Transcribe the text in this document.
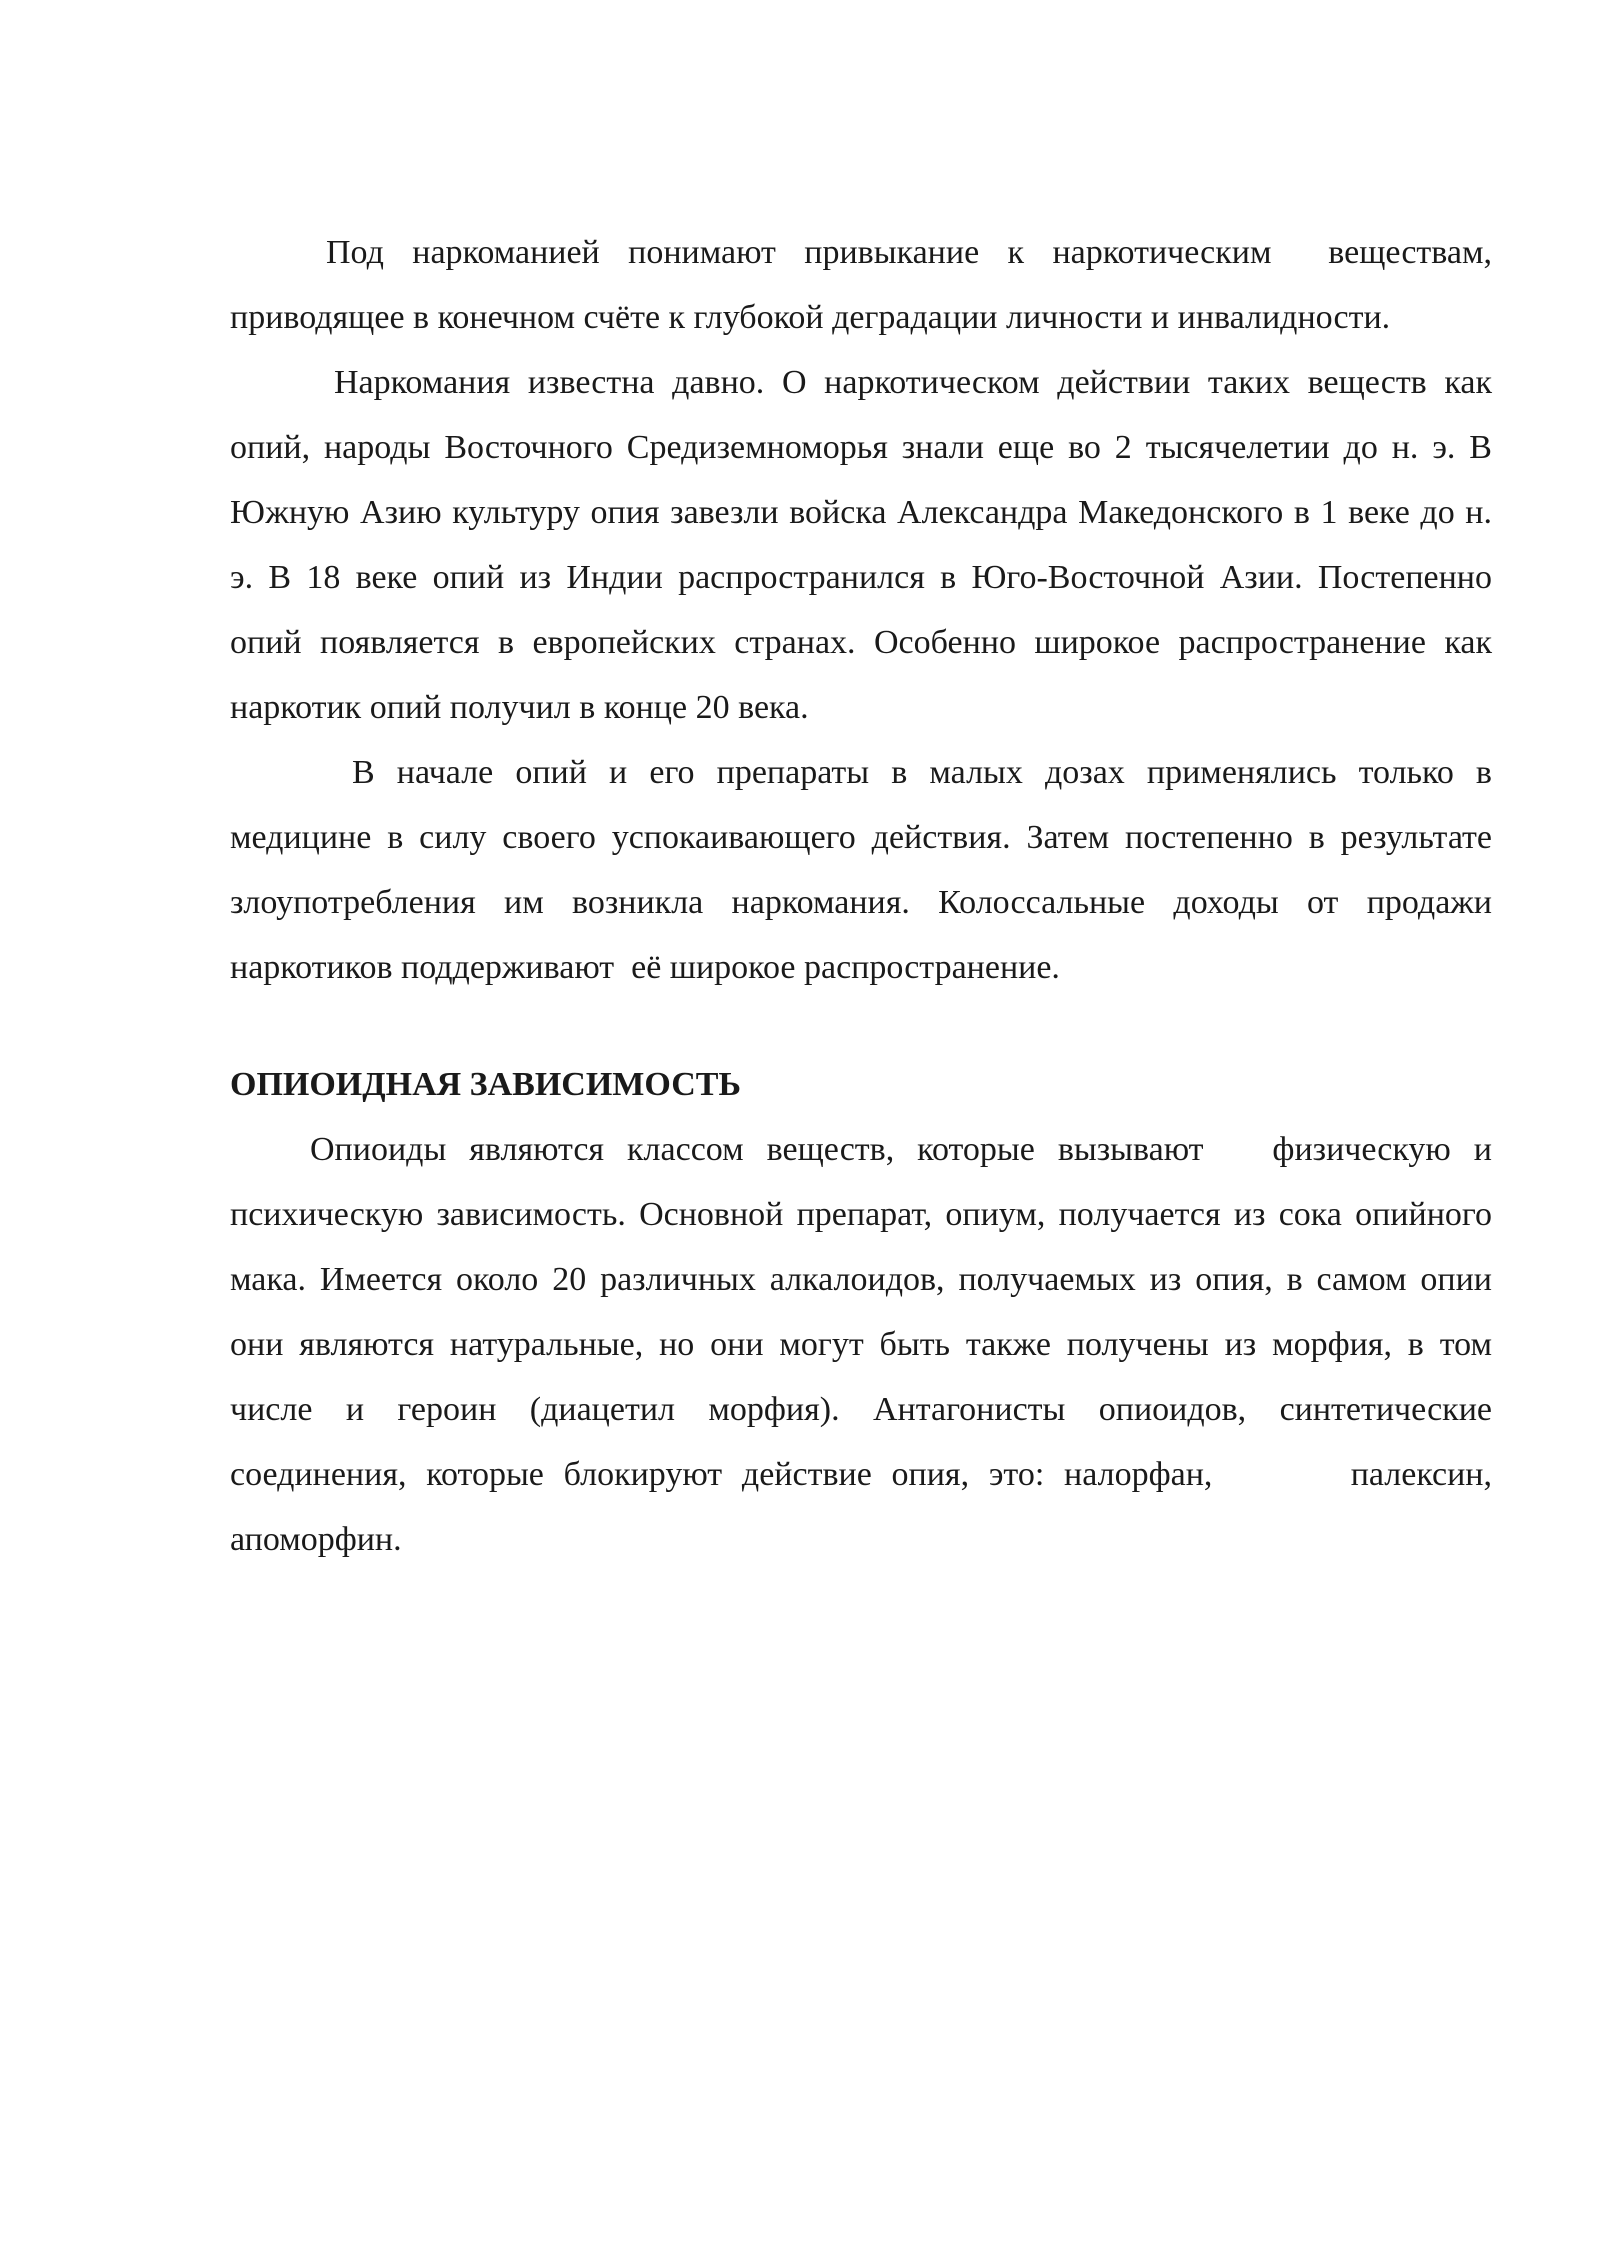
Под наркоманией понимают привыкание к наркотическим  веществам, приводящее в конечном счёте к глубокой деградации личности и инвалидности.

Наркомания известна давно. О наркотическом действии таких веществ как опий, народы Восточного Средиземноморья знали еще во 2 тысячелетии до н. э. В Южную Азию культуру опия завезли войска Александра Македонского в 1 веке до н. э. В 18 веке опий из Индии распространился в Юго-Восточной Азии. Постепенно опий появляется в европейских странах. Особенно широкое распространение как наркотик опий получил в конце 20 века.

В начале опий и его препараты в малых дозах применялись только в медицине в силу своего успокаивающего действия. Затем постепенно в результате злоупотребления им возникла наркомания. Колоссальные доходы от продажи наркотиков поддерживают  её широкое распространение.

ОПИОИДНАЯ ЗАВИСИМОСТЬ

Опиоиды являются классом веществ, которые вызывают   физическую и психическую зависимость. Основной препарат, опиум, получается из сока опийного мака. Имеется около 20 различных алкалоидов, получаемых из опия, в самом опии они являются натуральные, но они могут быть также получены из морфия, в том числе и героин (диацетил морфия). Антагонисты опиоидов, синтетические соединения, которые блокируют действие опия, это: налорфан,       палексин, апоморфин.
